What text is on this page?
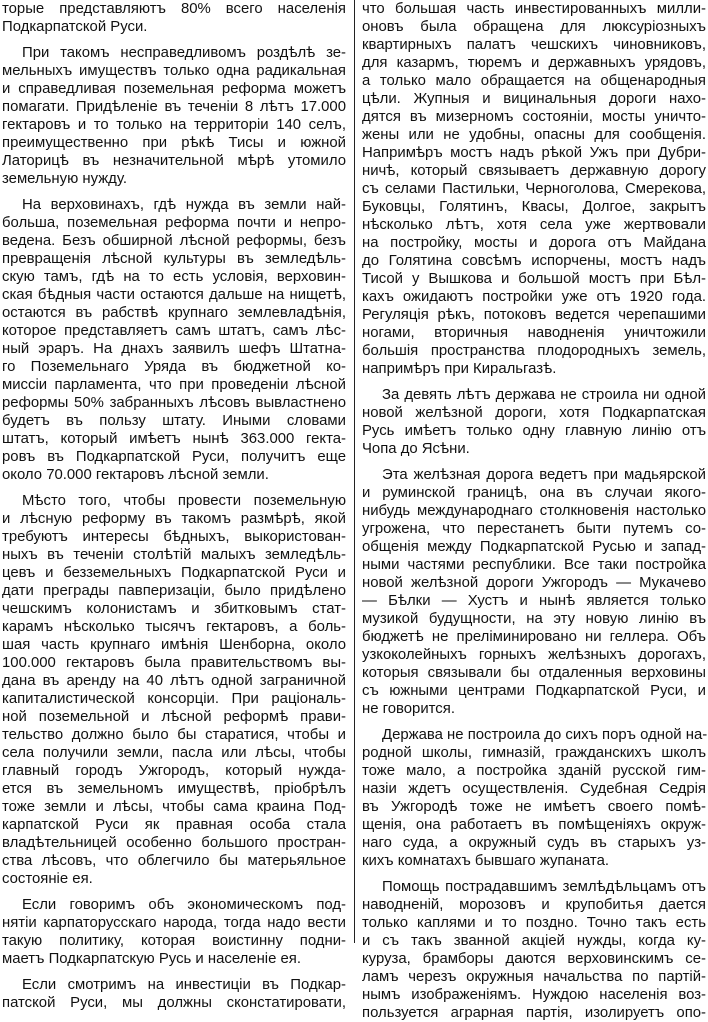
торые представляютъ 80% всего населенія
Подкарпатской Руси.
При такомъ несправедливомъ роздѣлѣ зе-
мельныхъ имуществъ только одна радикальная
и справедливая поземельная реформа можетъ
помагати. Придѣленіе въ теченіи 8 лѣтъ 17.000
гектаровъ и то только на территоріи 140 селъ,
преимущественно при рѣкѣ Тисы и южной
Латорицѣ въ незначительной мѣрѣ утомило
земельную нужду.
На верховинахъ, гдѣ нужда въ земли най-
больша, поземельная реформа почти и непро-
ведена. Безъ обширной лѣсной реформы, безъ
превращенія лѣсной культуры въ земледѣль-
скую тамъ, гдѣ на то есть условія, верховин-
ская бѣдныя части остаются дальше на нищетѣ,
остаются въ рабствѣ крупнаго землевладѣнія,
которое представляетъ самъ штатъ, самъ лѣс-
ный эраръ. На днахъ заявилъ шефъ Штатна-
го Поземельнаго Уряда въ бюджетной ко-
миссіи парламента, что при проведеніи лѣсной
реформы 50% забранныхъ лѣсовъ вывластнено
будетъ въ пользу штату. Иными словами
штатъ, который имѣетъ нынѣ 363.000 гекта-
ровъ въ Подкарпатской Руси, получитъ еще
около 70.000 гектаровъ лѣсной земли.
Мѣсто того, чтобы провести поземельную
и лѣсную реформу въ такомъ размѣрѣ, якой
требуютъ интересы бѣдныхъ, выкористован-
ныхъ въ теченіи столѣтій малыхъ земледѣль-
цевъ и безземельныхъ Подкарпатской Руси и
дати преграды павперизаціи, было придѣлено
чешскимъ колонистамъ и збитковымъ стат-
карамъ нѣсколько тысячъ гектаровъ, а боль-
шая часть крупнаго имѣнія Шенборна, около
100.000 гектаровъ была правительствомъ вы-
дана въ аренду на 40 лѣтъ одной заграничной
капиталистической консорціи. При раціональ-
ной поземельной и лѣсной реформѣ прави-
тельство должно было бы старатися, чтобы и
села получили земли, пасла или лѣсы, чтобы
главный городъ Ужгородъ, который нужда-
ется въ земельномъ имуществѣ, пріобрѣлъ
тоже земли и лѣсы, чтобы сама краина Под-
карпатской Руси як правная особа стала
владѣтельницей особенно большого простран-
ства лѣсовъ, что облегчило бы матерьяльное
состояніе ея.
Если говоримъ объ экономическомъ под-
нятіи карпаторусскаго народа, тогда надо вести
такую политику, которая воистинну подни-
маетъ Подкарпатскую Русь и населеніе ея.
Если смотримъ на инвестиціи въ Подкар-
патской Руси, мы должны сконстатировати,
что большая часть инвестированныхъ милли-
оновъ была обращена для люксуріозныхъ
квартирныхъ палатъ чешскихъ чиновниковъ,
для казармъ, тюремъ и державныхъ урядовъ,
а только мало обращается на общенародныя
цѣли. Жупныя и вицинальныя дороги нахо-
дятся въ мизерномъ состояніи, мосты уничто-
жены или не удобны, опасны для сообщенія.
Напримѣръ мостъ надъ рѣкой Ужъ при Дубри-
ничѣ, который связываетъ державную дорогу
съ селами Пастильки, Черноголова, Смерекова,
Буковцы, Голятинъ, Квасы, Долгое, закрытъ
нѣсколько лѣтъ, хотя села уже жертвовали
на постройку, мосты и дорога отъ Майдана
до Голятина совсѣмъ испорчены, мостъ надъ
Тисой у Вышкова и большой мостъ при Бѣл-
кахъ ожидаютъ постройки уже отъ 1920 года.
Регуляція рѣкъ, потоковъ ведется черепашими
ногами, вторичныя наводненія уничтожили
большія пространства плодородныхъ земель,
напримѣръ при Киральгазѣ.
За девять лѣтъ держава не строила ни одной
новой желѣзной дороги, хотя Подкарпатская
Русь имѣетъ только одну главную линію отъ
Чопа до Ясѣни.
Эта желѣзная дорога ведетъ при мадьярской
и руминской границѣ, она въ случаи якого-
нибудь международнаго столкновенія настолько
угрожена, что перестанетъ быти путемъ со-
общенія между Подкарпатской Русью и запад-
ными частями республики. Все таки постройка
новой желѣзной дороги Ужгородъ — Мукачево
— Бѣлки — Хустъ и нынѣ является только
музикой будущности, на эту новую линію въ
бюджетѣ не преліминировано ни геллера. Объ
узкоколейныхъ горныхъ желѣзныхъ дорогахъ,
которыя связывали бы отдаленныя верховины
съ южными центрами Подкарпатской Руси, и
не говорится.
Держава не построила до сихъ поръ одной на-
родной школы, гимназій, гражданскихъ школъ
тоже мало, а постройка зданій русской гим-
назіи ждетъ осуществленія. Судебная Седрія
въ Ужгородѣ тоже не имѣетъ своего помѣ-
щенія, она работаетъ въ помѣщеніяхъ окруж-
наго суда, а окружный судъ въ старыхъ уз-
кихъ комнатахъ бывшаго жупаната.
Помощь пострадавшимъ землѣдѣльцамъ отъ
наводненій, морозовъ и крупобитья дается
только каплями и то поздно. Точно такъ есть
и съ такъ званной акціей нужды, когда ку-
куруза, брамборы даются верховинскимъ се-
ламъ черезъ окружныя начальства по партій-
нымъ изображеніямъ. Нуждою населенія воз-
пользуется аграрная партія, изолируетъ опо-
